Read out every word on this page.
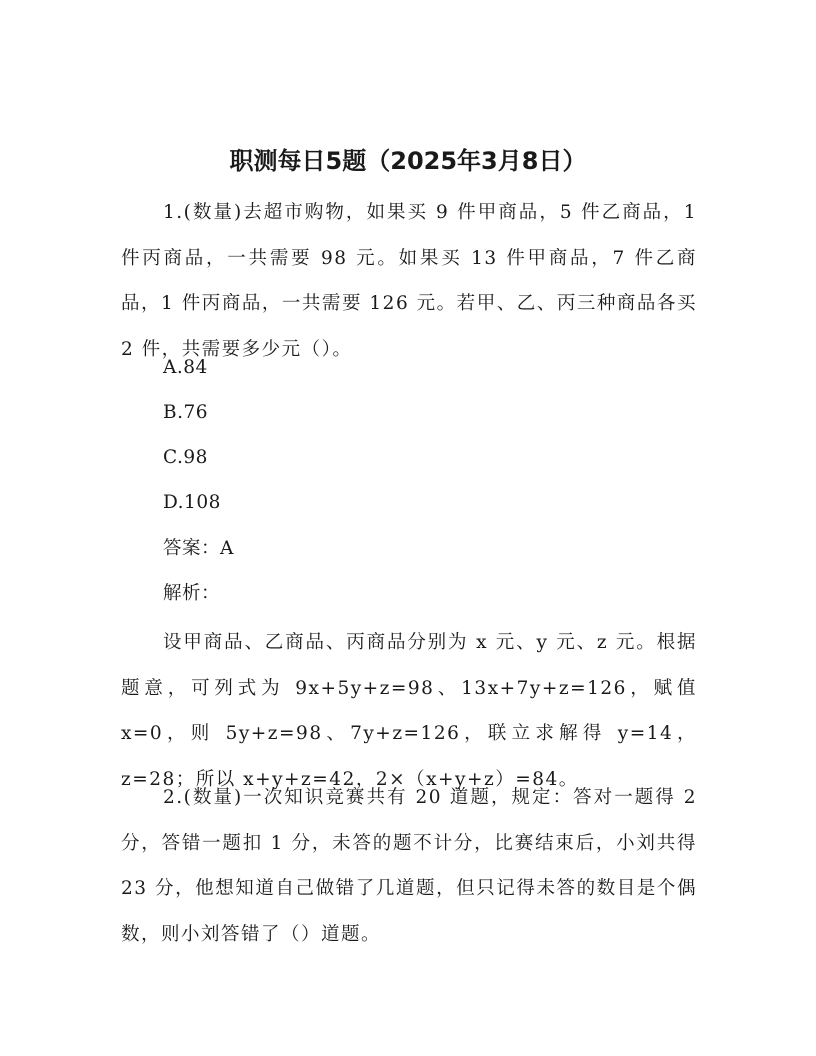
职测每日5题（2025年3月8日）

1.(数量)去超市购物，如果买 9 件甲商品，5 件乙商品，1 件丙商品，一共需要 98 元。如果买 13 件甲商品，7 件乙商品，1 件丙商品，一共需要 126 元。若甲、乙、丙三种商品各买 2 件，共需要多少元（）。

A.84

B.76

C.98

D.108

答案：A

解析：

设甲商品、乙商品、丙商品分别为 x 元、y 元、z 元。根据题意，可列式为 9x+5y+z=98、13x+7y+z=126，赋值 x=0，则 5y+z=98、7y+z=126，联立求解得 y=14，z=28；所以 x+y+z=42，2×（x+y+z）=84。

2.(数量)一次知识竞赛共有 20 道题，规定：答对一题得 2 分，答错一题扣 1 分，未答的题不计分，比赛结束后，小刘共得 23 分，他想知道自己做错了几道题，但只记得未答的数目是个偶数，则小刘答错了（）道题。
